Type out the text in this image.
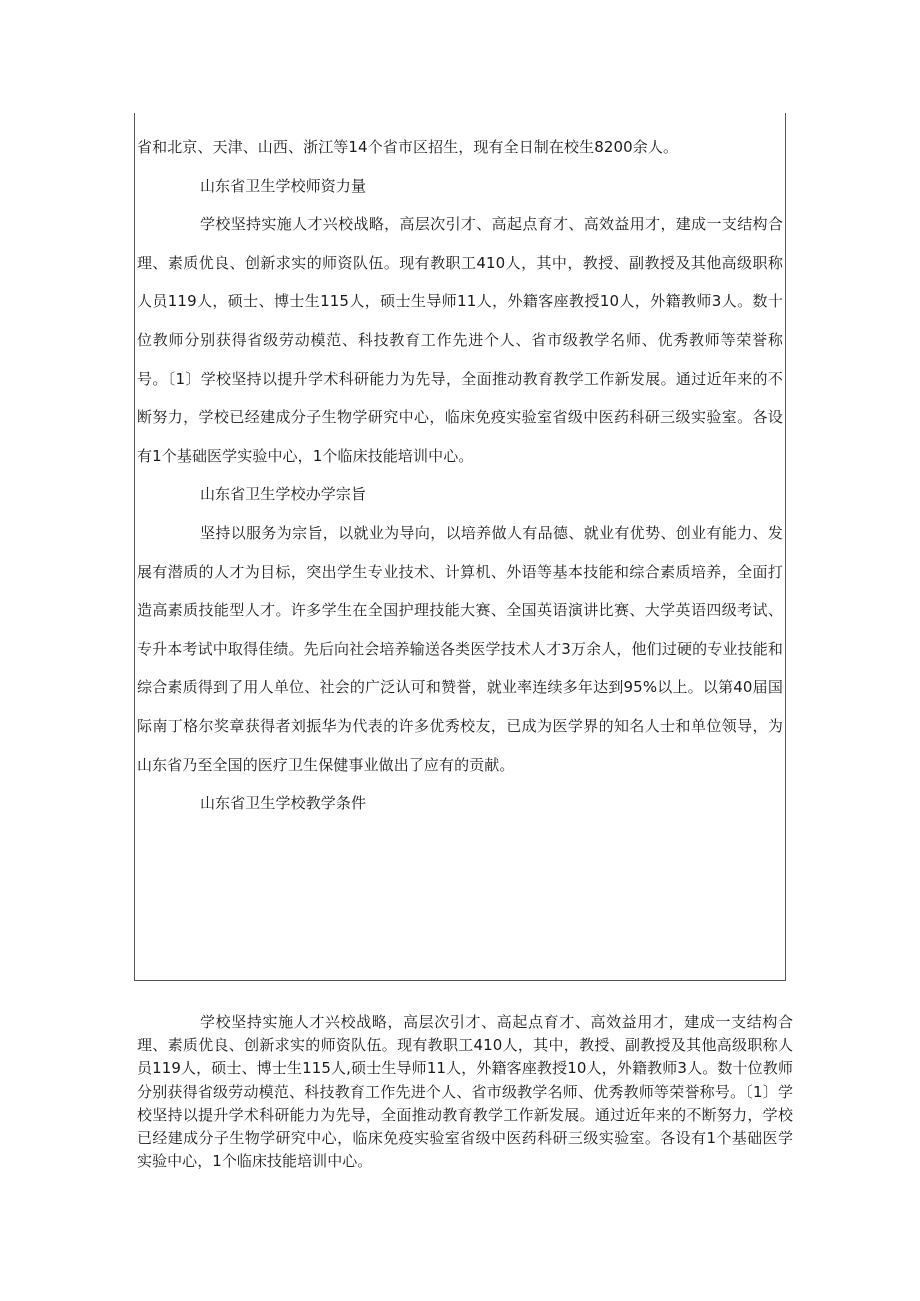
省和北京、天津、山西、浙江等14个省市区招生，现有全日制在校生8200余人。

山东省卫生学校师资力量

学校坚持实施人才兴校战略，高层次引才、高起点育才、高效益用才，建成一支结构合理、素质优良、创新求实的师资队伍。现有教职工410人，其中，教授、副教授及其他高级职称人员119人，硕士、博士生115人，硕士生导师11人，外籍客座教授10人，外籍教师3人。数十位教师分别获得省级劳动模范、科技教育工作先进个人、省市级教学名师、优秀教师等荣誉称号。〔1〕学校坚持以提升学术科研能力为先导，全面推动教育教学工作新发展。通过近年来的不断努力，学校已经建成分子生物学研究中心，临床免疫实验室省级中医药科研三级实验室。各设有1个基础医学实验中心，1个临床技能培训中心。

山东省卫生学校办学宗旨

坚持以服务为宗旨，以就业为导向，以培养做人有品德、就业有优势、创业有能力、发展有潜质的人才为目标，突出学生专业技术、计算机、外语等基本技能和综合素质培养，全面打造高素质技能型人才。许多学生在全国护理技能大赛、全国英语演讲比赛、大学英语四级考试、专升本考试中取得佳绩。先后向社会培养输送各类医学技术人才3万余人，他们过硬的专业技能和综合素质得到了用人单位、社会的广泛认可和赞誉，就业率连续多年达到95%以上。以第40届国际南丁格尔奖章获得者刘振华为代表的许多优秀校友，已成为医学界的知名人士和单位领导，为山东省乃至全国的医疗卫生保健事业做出了应有的贡献。

山东省卫生学校教学条件

学校坚持实施人才兴校战略，高层次引才、高起点育才、高效益用才，建成一支结构合理、素质优良、创新求实的师资队伍。现有教职工410人，其中，教授、副教授及其他高级职称人员119人，硕士、博士生115人,硕士生导师11人，外籍客座教授10人，外籍教师3人。数十位教师分别获得省级劳动模范、科技教育工作先进个人、省市级教学名师、优秀教师等荣誉称号。〔1〕学校坚持以提升学术科研能力为先导，全面推动教育教学工作新发展。通过近年来的不断努力，学校已经建成分子生物学研究中心，临床免疫实验室省级中医药科研三级实验室。各设有1个基础医学实验中心，1个临床技能培训中心。
